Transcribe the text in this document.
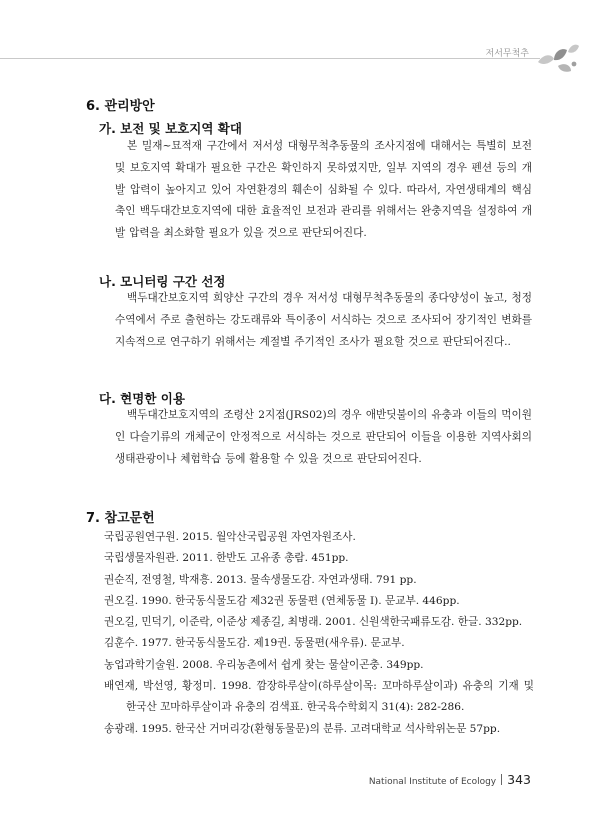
저서무척추
6. 관리방안
가. 보전 및 보호지역 확대

본 밀재~묘적재 구간에서 저서성 대형무척추동물의 조사지점에 대해서는 특별히 보전 및 보호지역 확대가 필요한 구간은 확인하지 못하였지만, 일부 지역의 경우 펜션 등의 개발 압력이 높아지고 있어 자연환경의 훼손이 심화될 수 있다. 따라서, 자연생태계의 핵심축인 백두대간보호지역에 대한 효율적인 보전과 관리를 위해서는 완충지역을 설정하여 개발 압력을 최소화할 필요가 있을 것으로 판단되어진다.

나. 모니터링 구간 선정

백두대간보호지역 희양산 구간의 경우 저서성 대형무척추동물의 종다양성이 높고, 청정수역에서 주로 출현하는 강도래류와 특이종이 서식하는 것으로 조사되어 장기적인 변화를 지속적으로 연구하기 위해서는 계절별 주기적인 조사가 필요할 것으로 판단되어진다..

다. 현명한 이용

백두대간보호지역의 조령산 2지점(JRS02)의 경우 애반딧불이의 유충과 이들의 먹이원인 다슬기류의 개체군이 안정적으로 서식하는 것으로 판단되어 이들을 이용한 지역사회의 생태관광이나 체험학습 등에 활용할 수 있을 것으로 판단되어진다.

7. 참고문헌
국립공원연구원. 2015. 월악산국립공원 자연자원조사.
국립생물자원관. 2011. 한반도 고유종 총람. 451pp.
권순직, 전영철, 박재흥. 2013. 물속생물도감. 자연과생태. 791 pp.
권오길. 1990. 한국동식물도감 제32권 동물편 (연체동물 Ⅰ). 문교부. 446pp.
권오길, 민덕기, 이준락, 이준상 제종길, 최병래. 2001. 신원색한국패류도감. 한글. 332pp.
김훈수. 1977. 한국동식물도감. 제19권. 동물편(새우류). 문교부.
농업과학기술원. 2008. 우리농촌에서 쉽게 찾는 물살이곤충. 349pp.
배연재, 박선영, 황정미. 1998. 깜장하루살이(하루살이목: 꼬마하루살이과) 유충의 기재 및 한국산 꼬마하루살이과 유충의 검색표. 한국육수학회지 31(4): 282-286.
송광래. 1995. 한국산 거머리강(환형동물문)의 분류. 고려대학교 석사학위논문 57pp.
National Institute of Ecology 343
